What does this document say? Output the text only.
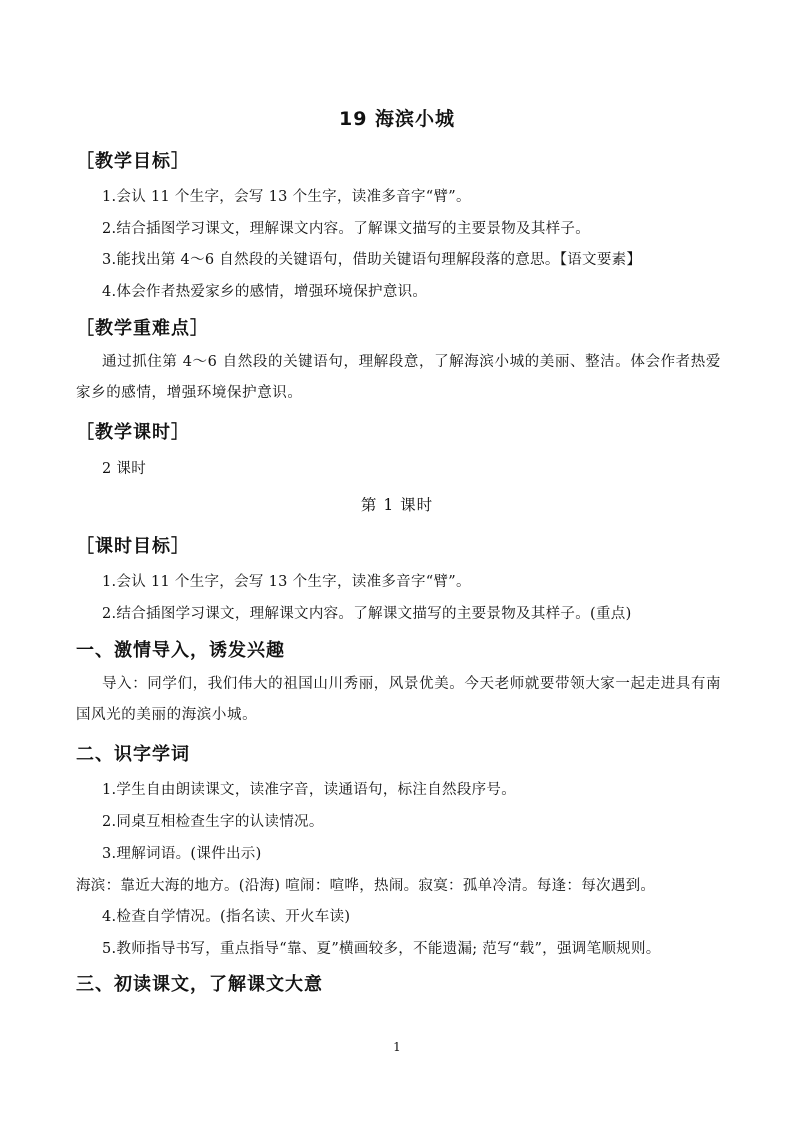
19 海滨小城
［教学目标］
1.会认 11 个生字，会写 13 个生字，读准多音字“臂”。
2.结合插图学习课文，理解课文内容。了解课文描写的主要景物及其样子。
3.能找出第 4～6 自然段的关键语句，借助关键语句理解段落的意思。【语文要素】
4.体会作者热爱家乡的感情，增强环境保护意识。
［教学重难点］
通过抓住第 4～6 自然段的关键语句，理解段意，了解海滨小城的美丽、整洁。体会作者热爱家乡的感情，增强环境保护意识。
［教学课时］
2 课时
第 1 课时
［课时目标］
1.会认 11 个生字，会写 13 个生字，读准多音字“臂”。
2.结合插图学习课文，理解课文内容。了解课文描写的主要景物及其样子。(重点)
一、激情导入，诱发兴趣
导入：同学们，我们伟大的祖国山川秀丽，风景优美。今天老师就要带领大家一起走进具有南国风光的美丽的海滨小城。
二、识字学词
1.学生自由朗读课文，读准字音，读通语句，标注自然段序号。
2.同桌互相检查生字的认读情况。
3.理解词语。(课件出示)
海滨：靠近大海的地方。(沿海) 喧闹：喧哗，热闹。寂寞：孤单冷清。每逢：每次遇到。
4.检查自学情况。(指名读、开火车读)
5.教师指导书写，重点指导“靠、夏”横画较多，不能遗漏; 范写“载”，强调笔顺规则。
三、初读课文，了解课文大意
1
